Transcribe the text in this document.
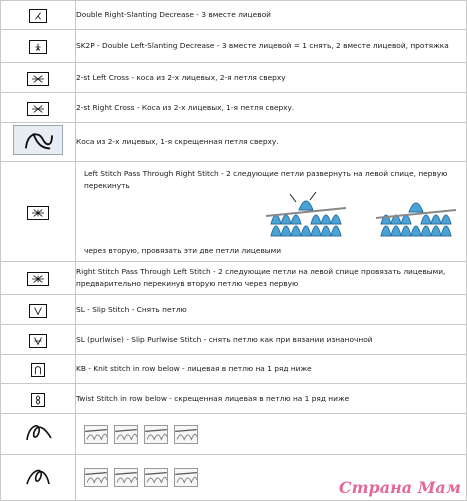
	Double Right-Slanting Decrease - 3 вместе лицевой

	SK2P - Double Left-Slanting Decrease - 3 вместе лицевой = 1 снять, 2 вместе лицевой, протяжка

	2-st Left Cross - коса из 2-х лицевых, 2-я петля сверху

	2-st Right Cross - Коса из 2-х лицевых, 1-я петля сверху.

	Коса из 2-х лицевых, 1-я скрещенная петля сверху.

Left Stitch Pass Through Right Stitch - 2 следующие петли развернуть на левой спице, первую перекинуть
через вторую, провязать эти две петли лицевыми

	Right Stitch Pass Through Left Stitch - 2 следующие петли на левой спице провязать лицевыми, предварительно перекинув вторую петлю через первую

	SL - Slip Stitch - Снять петлю

	SL (purlwise) - Slip Purlwise Stitch - снять петлю как при вязании изнаночной

	KB - Knit stitch in row below - лицевая в петлю на 1 ряд ниже

	Twist Stitch in row below - скрещенная лицевая в петлю на 1 ряд ниже

Страна Мам
